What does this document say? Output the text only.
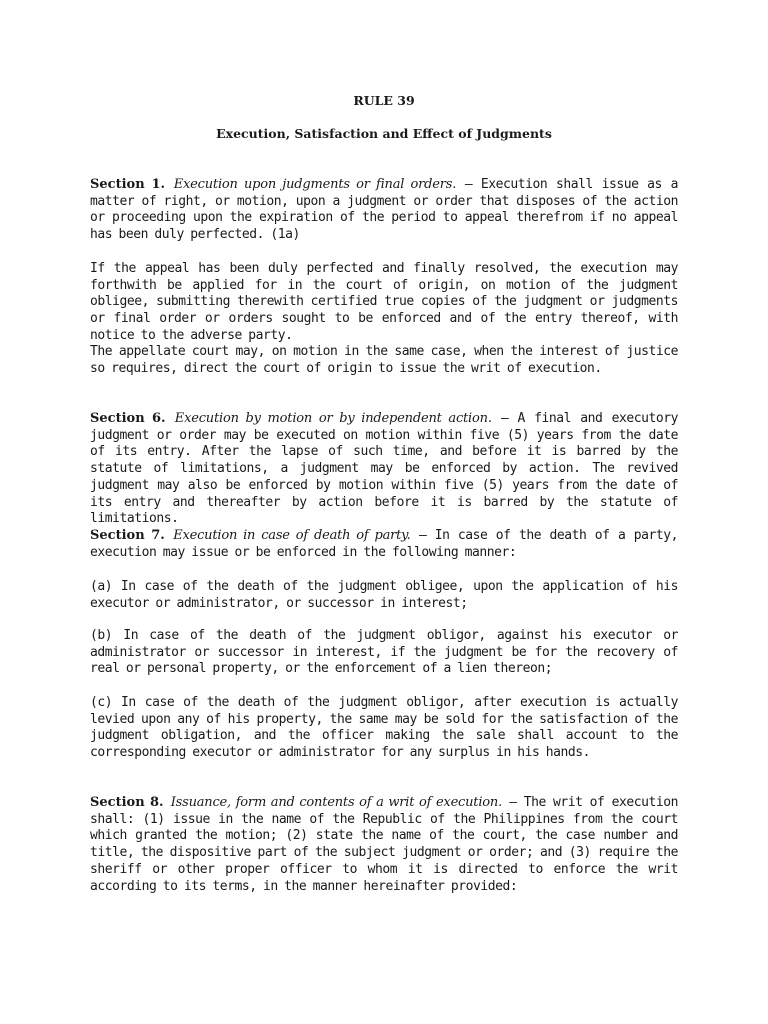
RULE 39
Execution, Satisfaction and Effect of Judgments

Section 1. Execution upon judgments or final orders. — Execution shall issue as a matter of right, or motion, upon a judgment or order that disposes of the action or proceeding upon the expiration of the period to appeal therefrom if no appeal has been duly perfected. (1a)

If the appeal has been duly perfected and finally resolved, the execution may forthwith be applied for in the court of origin, on motion of the judgment obligee, submitting therewith certified true copies of the judgment or judgments or final order or orders sought to be enforced and of the entry thereof, with notice to the adverse party.

The appellate court may, on motion in the same case, when the interest of justice so requires, direct the court of origin to issue the writ of execution.

Section 6. Execution by motion or by independent action. — A final and executory judgment or order may be executed on motion within five (5) years from the date of its entry. After the lapse of such time, and before it is barred by the statute of limitations, a judgment may be enforced by action. The revived judgment may also be enforced by motion within five (5) years from the date of its entry and thereafter by action before it is barred by the statute of limitations.

Section 7. Execution in case of death of party. — In case of the death of a party, execution may issue or be enforced in the following manner:

(a) In case of the death of the judgment obligee, upon the application of his executor or administrator, or successor in interest;

(b) In case of the death of the judgment obligor, against his executor or administrator or successor in interest, if the judgment be for the recovery of real or personal property, or the enforcement of a lien thereon;

(c) In case of the death of the judgment obligor, after execution is actually levied upon any of his property, the same may be sold for the satisfaction of the judgment obligation, and the officer making the sale shall account to the corresponding executor or administrator for any surplus in his hands.

Section 8. Issuance, form and contents of a writ of execution. — The writ of execution shall: (1) issue in the name of the Republic of the Philippines from the court which granted the motion; (2) state the name of the court, the case number and title, the dispositive part of the subject judgment or order; and (3) require the sheriff or other proper officer to whom it is directed to enforce the writ according to its terms, in the manner hereinafter provided:
